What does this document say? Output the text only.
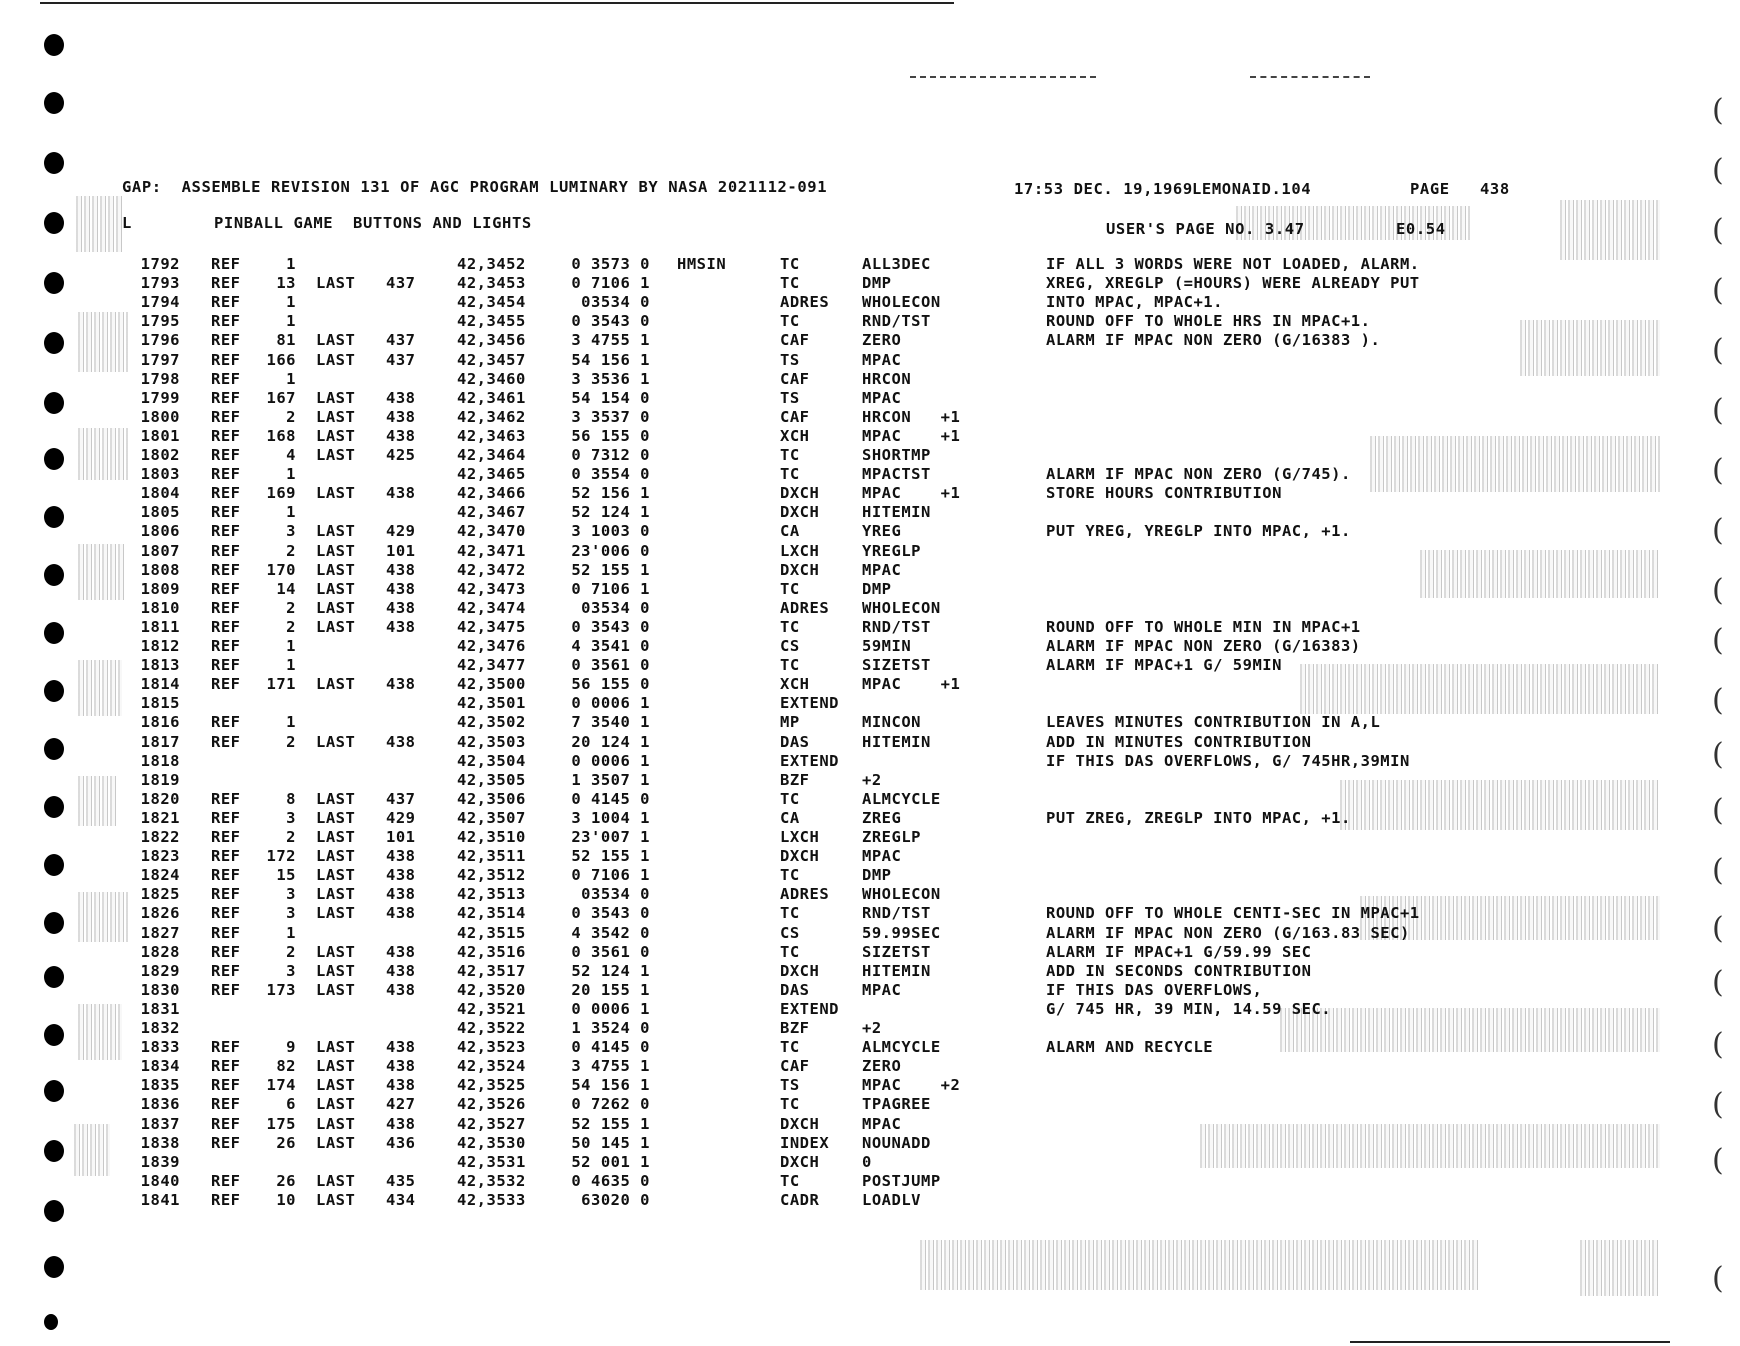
(
(
(
(
(
(
(
(
(
(
(
(
(
(
(
(
(
(
(
(
GAP:  ASSEMBLE REVISION 131 OF AGC PROGRAM LUMINARY BY NASA 2021112-091	17:53 DEC. 19,1969 LEMONAID.104	PAGE 438
L	PINBALL GAME  BUTTONS AND LIGHTS	USER'S PAGE NO. 3.47	E0.54
1792 REF	1	42,3452	0 3573 0 HMSIN	TC	ALL3DEC	IF ALL 3 WORDS WERE NOT LOADED, ALARM.
1793 REF	13 LAST 437	42,3453	0 7106 1	TC	DMP	XREG, XREGLP (=HOURS) WERE ALREADY PUT
1794 REF	1	42,3454	03534 0	ADRES WHOLECON	INTO MPAC, MPAC+1.
1795 REF	1	42,3455	0 3543 0	TC	RND/TST	ROUND OFF TO WHOLE HRS IN MPAC+1.
1796 REF	81 LAST 437	42,3456	3 4755 1	CAF	ZERO	ALARM IF MPAC NON ZERO (G/16383 ).
1797 REF	166 LAST 437	42,3457	54 156 1	TS	MPAC
1798 REF	1	42,3460	3 3536 1	CAF	HRCON
1799 REF	167 LAST 438	42,3461	54 154 0	TS	MPAC
1800 REF	2 LAST 438	42,3462	3 3537 0	CAF	HRCON   +1
1801 REF	168 LAST 438	42,3463	56 155 0	XCH	MPAC    +1
1802 REF	4 LAST 425	42,3464	0 7312 0	TC	SHORTMP
1803 REF	1	42,3465	0 3554 0	TC	MPACTST	ALARM IF MPAC NON ZERO (G/745).
1804 REF	169 LAST 438	42,3466	52 156 1	DXCH	MPAC    +1	STORE HOURS CONTRIBUTION
1805 REF	1	42,3467	52 124 1	DXCH	HITEMIN
1806 REF	3 LAST 429	42,3470	3 1003 0	CA	YREG	PUT YREG, YREGLP INTO MPAC, +1.
1807 REF	2 LAST 101	42,3471	23'006 0	LXCH	YREGLP
1808 REF	170 LAST 438	42,3472	52 155 1	DXCH	MPAC
1809 REF	14 LAST 438	42,3473	0 7106 1	TC	DMP
1810 REF	2 LAST 438	42,3474	03534 0	ADRES WHOLECON
1811 REF	2 LAST 438	42,3475	0 3543 0	TC	RND/TST	ROUND OFF TO WHOLE MIN IN MPAC+1
1812 REF	1	42,3476	4 3541 0	CS	59MIN	ALARM IF MPAC NON ZERO (G/16383)
1813 REF	1	42,3477	0 3561 0	TC	SIZETST	ALARM IF MPAC+1 G/ 59MIN
1814 REF	171 LAST 438	42,3500	56 155 0	XCH	MPAC    +1
1815	42,3501	0 0006 1	EXTEND
1816 REF	1	42,3502	7 3540 1	MP	MINCON	LEAVES MINUTES CONTRIBUTION IN A,L
1817 REF	2 LAST 438	42,3503	20 124 1	DAS	HITEMIN	ADD IN MINUTES CONTRIBUTION
1818	42,3504	0 0006 1	EXTEND	IF THIS DAS OVERFLOWS, G/ 745HR,39MIN
1819	42,3505	1 3507 1	BZF	+2
1820 REF	8 LAST 437	42,3506	0 4145 0	TC	ALMCYCLE
1821 REF	3 LAST 429	42,3507	3 1004 1	CA	ZREG	PUT ZREG, ZREGLP INTO MPAC, +1.
1822 REF	2 LAST 101	42,3510	23'007 1	LXCH	ZREGLP
1823 REF	172 LAST 438	42,3511	52 155 1	DXCH	MPAC
1824 REF	15 LAST 438	42,3512	0 7106 1	TC	DMP
1825 REF	3 LAST 438	42,3513	03534 0	ADRES WHOLECON
1826 REF	3 LAST 438	42,3514	0 3543 0	TC	RND/TST	ROUND OFF TO WHOLE CENTI-SEC IN MPAC+1
1827 REF	1	42,3515	4 3542 0	CS	59.99SEC	ALARM IF MPAC NON ZERO (G/163.83 SEC)
1828 REF	2 LAST 438	42,3516	0 3561 0	TC	SIZETST	ALARM IF MPAC+1 G/59.99 SEC
1829 REF	3 LAST 438	42,3517	52 124 1	DXCH	HITEMIN	ADD IN SECONDS CONTRIBUTION
1830 REF	173 LAST 438	42,3520	20 155 1	DAS	MPAC	IF THIS DAS OVERFLOWS,
1831	42,3521	0 0006 1	EXTEND	G/ 745 HR, 39 MIN, 14.59 SEC.
1832	42,3522	1 3524 0	BZF	+2
1833 REF	9 LAST 438	42,3523	0 4145 0	TC	ALMCYCLE	ALARM AND RECYCLE
1834 REF	82 LAST 438	42,3524	3 4755 1	CAF	ZERO
1835 REF	174 LAST 438	42,3525	54 156 1	TS	MPAC    +2
1836 REF	6 LAST 427	42,3526	0 7262 0	TC	TPAGREE
1837 REF	175 LAST 438	42,3527	52 155 1	DXCH	MPAC
1838 REF	26 LAST 436	42,3530	50 145 1	INDEX NOUNADD
1839	42,3531	52 001 1	DXCH	0
1840 REF	26 LAST 435	42,3532	0 4635 0	TC	POSTJUMP
1841 REF	10 LAST 434	42,3533	63020 0	CADR	LOADLV
